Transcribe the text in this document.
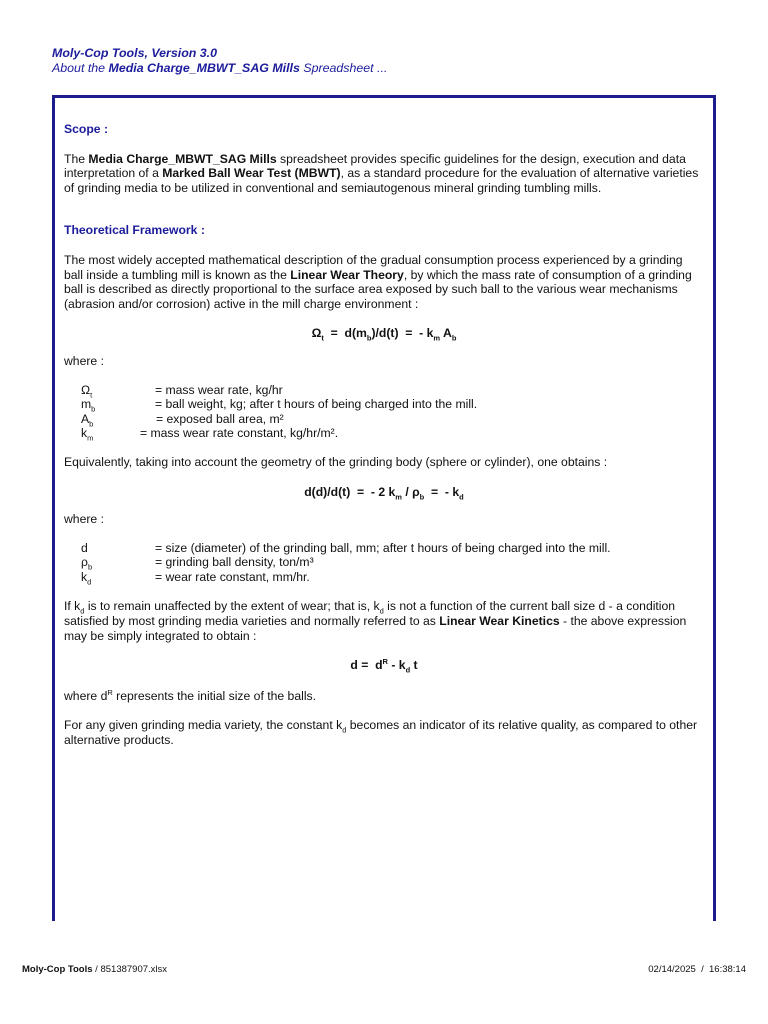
Moly-Cop Tools, Version 3.0
About the Media Charge_MBWT_SAG Mills Spreadsheet ...

Scope :

The Media Charge_MBWT_SAG Mills spreadsheet provides specific guidelines for the design, execution and data interpretation of a Marked Ball Wear Test (MBWT), as a standard procedure for the evaluation of alternative varieties of grinding media to be utilized in conventional and semiautogenous mineral grinding tumbling mills.

Theoretical Framework :

The most widely accepted mathematical description of the gradual consumption process experienced by a grinding ball inside a tumbling mill is known as the Linear Wear Theory, by which the mass rate of consumption of a grinding ball is described as directly proportional to the surface area exposed by such ball to the various wear mechanisms (abrasion and/or corrosion) active in the mill charge environment :

$\Omega_t = d(m_b)/d(t)$  =  - $k_m$ $A_b$

where :

$\Omega_t$	= mass wear rate, kg/hr
$m_b$	= ball weight, kg; after t hours of being charged into the mill.
$A_b$	= exposed ball area, m²
$k_m$	= mass wear rate constant, kg/hr/m².

Equivalently, taking into account the geometry of the grinding body (sphere or cylinder), one obtains :

d(d)/d(t)  =  - 2 $k_m / \rho_b$  =  - $k_d$

where :

d	= size (diameter) of the grinding ball, mm; after t hours of being charged into the mill.
$\rho_b$	= grinding ball density, ton/m³
$k_d$	= wear rate constant, mm/hr.

If $k_d$ is to remain unaffected by the extent of wear; that is, $k_d$ is not a function of the current ball size d - a condition satisfied by most grinding media varieties and normally referred to as Linear Wear Kinetics - the above expression may be simply integrated to obtain :

$d = d^R - k_d$ t

where $d^R$ represents the initial size of the balls.

For any given grinding media variety, the constant $k_d$ becomes an indicator of its relative quality, as compared to other alternative products.

Moly-Cop Tools / 851387907.xlsx	02/14/2025  /  16:38:14
